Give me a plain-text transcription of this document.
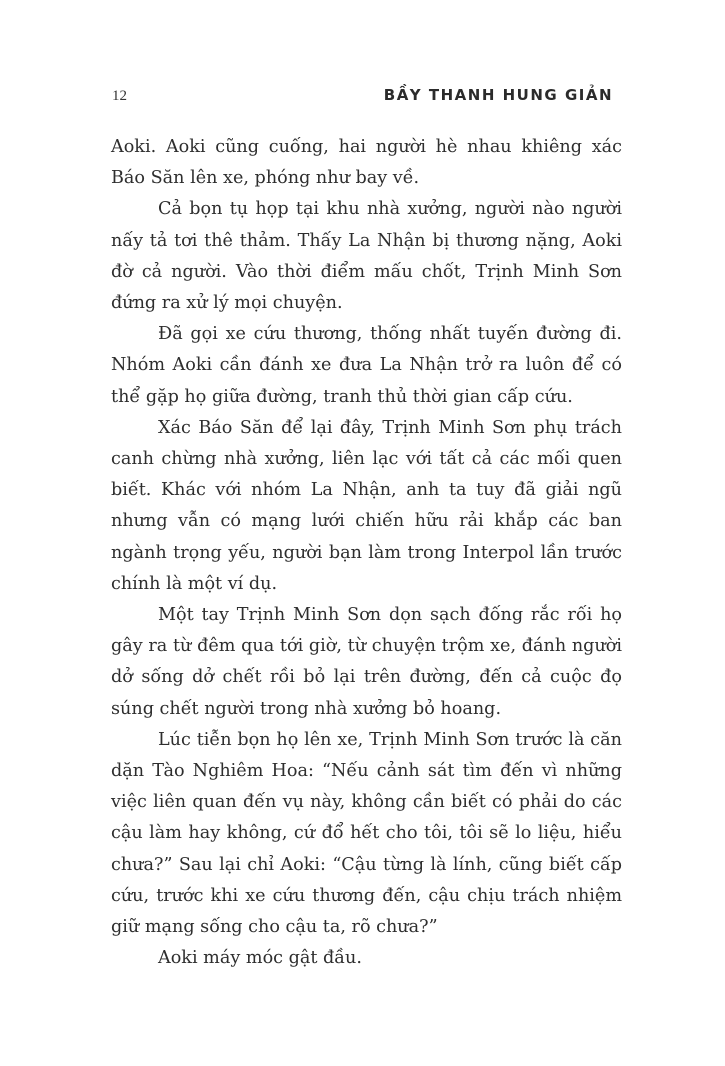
12	BẦY THANH HUNG GIẢN

Aoki. Aoki cũng cuống, hai người hè nhau khiêng xác Báo Săn lên xe, phóng như bay về.

Cả bọn tụ họp tại khu nhà xưởng, người nào người nấy tả tơi thê thảm. Thấy La Nhận bị thương nặng, Aoki đờ cả người. Vào thời điểm mấu chốt, Trịnh Minh Sơn đứng ra xử lý mọi chuyện.

Đã gọi xe cứu thương, thống nhất tuyến đường đi. Nhóm Aoki cần đánh xe đưa La Nhận trở ra luôn để có thể gặp họ giữa đường, tranh thủ thời gian cấp cứu.

Xác Báo Săn để lại đây, Trịnh Minh Sơn phụ trách canh chừng nhà xưởng, liên lạc với tất cả các mối quen biết. Khác với nhóm La Nhận, anh ta tuy đã giải ngũ nhưng vẫn có mạng lưới chiến hữu rải khắp các ban ngành trọng yếu, người bạn làm trong Interpol lần trước chính là một ví dụ.

Một tay Trịnh Minh Sơn dọn sạch đống rắc rối họ gây ra từ đêm qua tới giờ, từ chuyện trộm xe, đánh người dở sống dở chết rồi bỏ lại trên đường, đến cả cuộc đọ súng chết người trong nhà xưởng bỏ hoang.

Lúc tiễn bọn họ lên xe, Trịnh Minh Sơn trước là căn dặn Tào Nghiêm Hoa: “Nếu cảnh sát tìm đến vì những việc liên quan đến vụ này, không cần biết có phải do các cậu làm hay không, cứ đổ hết cho tôi, tôi sẽ lo liệu, hiểu chưa?” Sau lại chỉ Aoki: “Cậu từng là lính, cũng biết cấp cứu, trước khi xe cứu thương đến, cậu chịu trách nhiệm giữ mạng sống cho cậu ta, rõ chưa?”

Aoki máy móc gật đầu.
